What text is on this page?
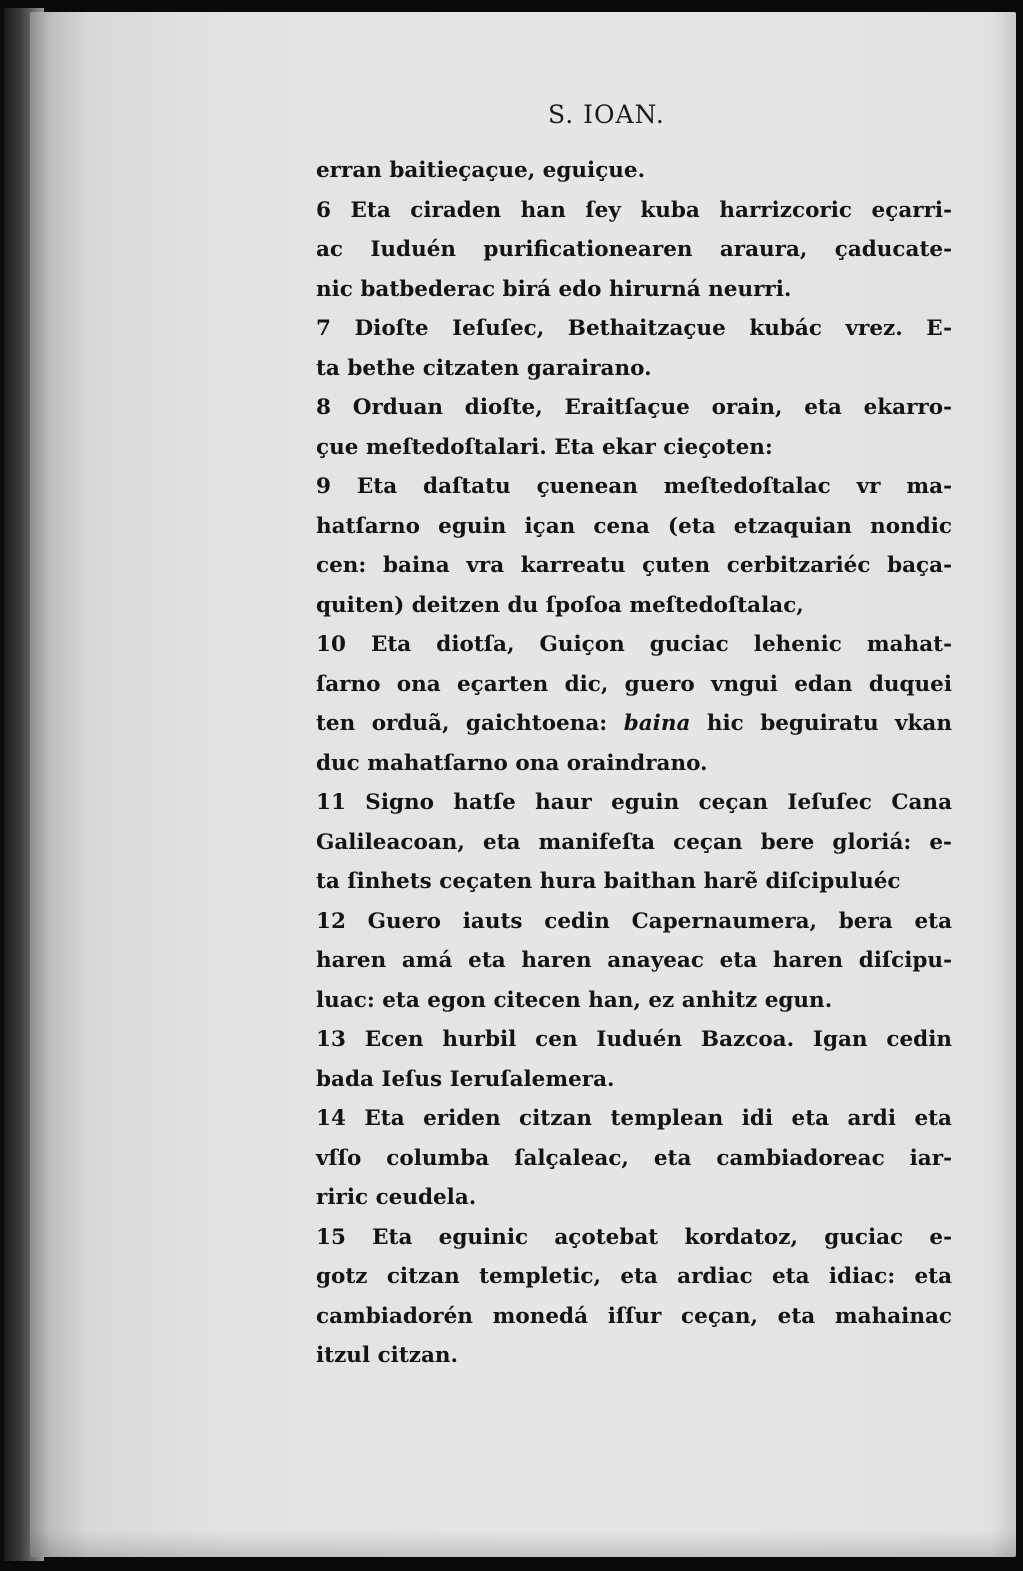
S. IOAN.
erran baitieçaçue, eguiçue.
6 Eta ciraden han ſey kuba harrizcoric eçarri-
ac Iuduén purificationearen araura, çaducate-
nic batbederac birá edo hirurná neurri.
7 Dioſte Ieſuſec, Bethaitzaçue kubác vrez. E-
ta bethe citzaten garairano.
8 Orduan dioſte, Eraitſaçue orain, eta ekarro-
çue meſtedoſtalari. Eta ekar cieçoten:
9 Eta daſtatu çuenean meſtedoſtalac vr ma-
hatſarno eguin içan cena (eta etzaquian nondic
cen: baina vra karreatu çuten cerbitzariéc baça-
quiten) deitzen du ſpoſoa meſtedoſtalac,
10 Eta diotſa, Guiçon guciac lehenic mahat-
ſarno ona eçarten dic, guero vngui edan duquei
ten orduã, gaichtoena: baina hic beguiratu vkan
duc mahatſarno ona oraindrano.
11 Signo hatſe haur eguin ceçan Ieſuſec Cana
Galileacoan, eta manifeſta ceçan bere gloriá: e-
ta ſinhets ceçaten hura baithan harẽ diſcipuluéc
12 Guero iauts cedin Capernaumera, bera eta
haren amá eta haren anayeac eta haren diſcipu-
luac: eta egon citecen han, ez anhitz egun.
13 Ecen hurbil cen Iuduén Bazcoa. Igan cedin
bada Ieſus Ieruſalemera.
14 Eta eriden citzan templean idi eta ardi eta
vſſo columba ſalçaleac, eta cambiadoreac iar-
riric ceudela.
15 Eta eguinic açotebat kordatoz, guciac e-
gotz citzan templetic, eta ardiac eta idiac: eta
cambiadorén monedá iſſur ceçan, eta mahainac
itzul citzan.
